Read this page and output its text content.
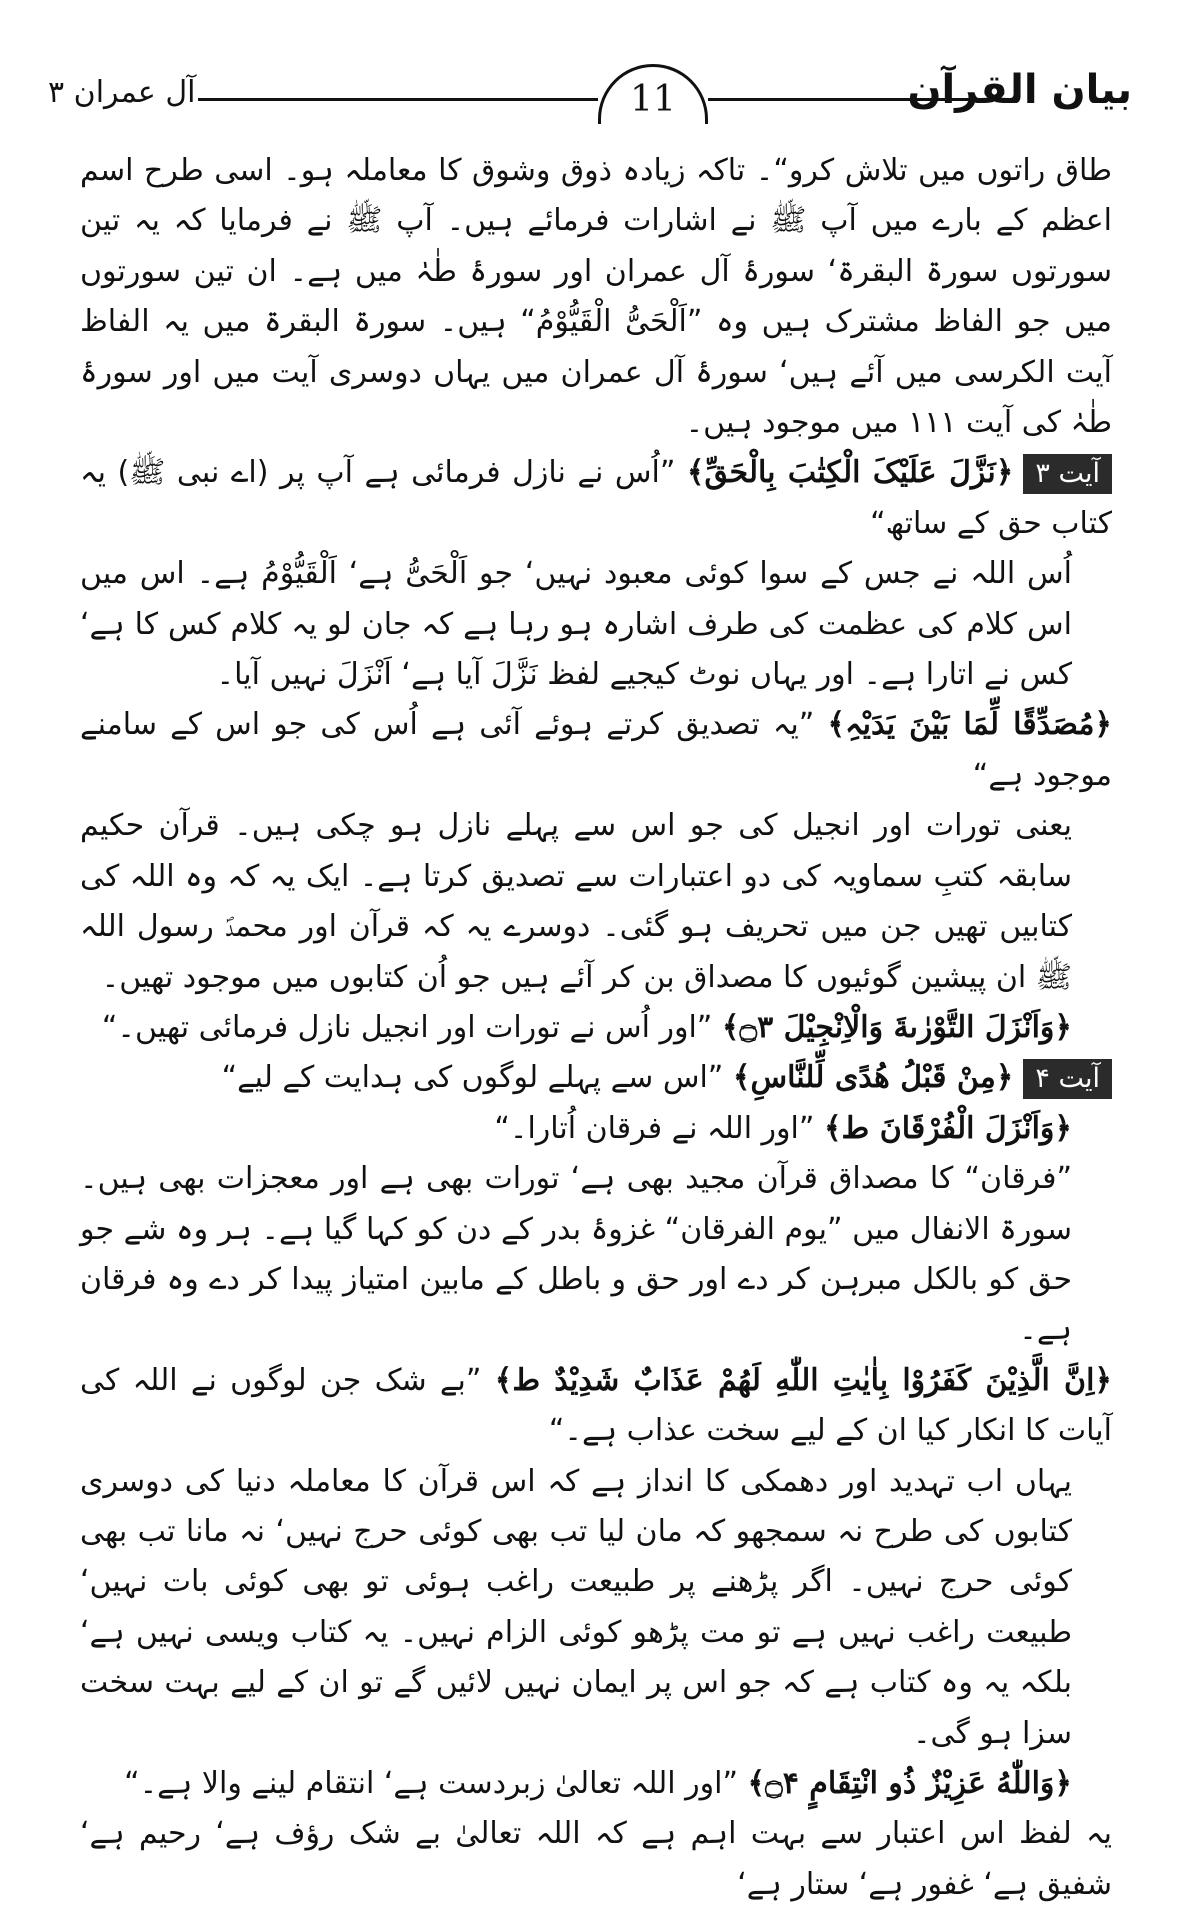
بیان القرآن
11
آل عمران ۳

طاق راتوں میں تلاش کرو“۔ تاکہ زیادہ ذوق وشوق کا معاملہ ہو۔ اسی طرح اسم اعظم کے بارے میں آپ ﷺ نے اشارات فرمائے ہیں۔ آپ ﷺ نے فرمایا کہ یہ تین سورتوں سورۃ البقرۃ‘ سورۂ آل عمران اور سورۂ طٰہٰ میں ہے۔ ان تین سورتوں میں جو الفاظ مشترک ہیں وہ ”اَلْحَیُّ الْقَیُّوْمُ“ ہیں۔ سورۃ البقرۃ میں یہ الفاظ آیت الکرسی میں آئے ہیں‘ سورۂ آل عمران میں یہاں دوسری آیت میں اور سورۂ طٰہٰ کی آیت ۱۱۱ میں موجود ہیں۔

آیت ۳﴿نَزَّلَ عَلَیْکَ الْکِتٰبَ بِالْحَقِّ﴾ ”اُس نے نازل فرمائی ہے آپ پر (اے نبی ﷺ) یہ کتاب حق کے ساتھ“

اُس اللہ نے جس کے سوا کوئی معبود نہیں‘ جو اَلْحَیُّ ہے‘ اَلْقَیُّوْمُ ہے۔ اس میں اس کلام کی عظمت کی طرف اشارہ ہو رہا ہے کہ جان لو یہ کلام کس کا ہے‘ کس نے اتارا ہے۔ اور یہاں نوٹ کیجیے لفظ نَزَّلَ آیا ہے‘ اَنْزَلَ نہیں آیا۔

﴿مُصَدِّقًا لِّمَا بَیْنَ یَدَیْہِ﴾ ”یہ تصدیق کرتے ہوئے آئی ہے اُس کی جو اس کے سامنے موجود ہے“

یعنی تورات اور انجیل کی جو اس سے پہلے نازل ہو چکی ہیں۔ قرآن حکیم سابقہ کتبِ سماویہ کی دو اعتبارات سے تصدیق کرتا ہے۔ ایک یہ کہ وہ اللہ کی کتابیں تھیں جن میں تحریف ہو گئی۔ دوسرے یہ کہ قرآن اور محمدؐ رسول اللہ ﷺ ان پیشین گوئیوں کا مصداق بن کر آئے ہیں جو اُن کتابوں میں موجود تھیں۔

﴿وَاَنْزَلَ التَّوْرٰىةَ وَالْاِنْجِیْلَ ۝۳﴾ ”اور اُس نے تورات اور انجیل نازل فرمائی تھیں۔“

آیت ۴﴿مِنْ قَبْلُ هُدًی لِّلنَّاسِ﴾ ”اس سے پہلے لوگوں کی ہدایت کے لیے“

﴿وَاَنْزَلَ الْفُرْقَانَ ط﴾ ”اور اللہ نے فرقان اُتارا۔“

”فرقان“ کا مصداق قرآن مجید بھی ہے‘ تورات بھی ہے اور معجزات بھی ہیں۔ سورۃ الانفال میں ”یوم الفرقان“ غزوۂ بدر کے دن کو کہا گیا ہے۔ ہر وہ شے جو حق کو بالکل مبرہن کر دے اور حق و باطل کے مابین امتیاز پیدا کر دے وہ فرقان ہے۔

﴿اِنَّ الَّذِیْنَ كَفَرُوْا بِاٰیٰتِ اللّٰهِ لَهُمْ عَذَابٌ شَدِیْدٌ ط﴾ ”بے شک جن لوگوں نے اللہ کی آیات کا انکار کیا ان کے لیے سخت عذاب ہے۔“

یہاں اب تہدید اور دھمکی کا انداز ہے کہ اس قرآن کا معاملہ دنیا کی دوسری کتابوں کی طرح نہ سمجھو کہ مان لیا تب بھی کوئی حرج نہیں‘ نہ مانا تب بھی کوئی حرج نہیں۔ اگر پڑھنے پر طبیعت راغب ہوئی تو بھی کوئی بات نہیں‘ طبیعت راغب نہیں ہے تو مت پڑھو کوئی الزام نہیں۔ یہ کتاب ویسی نہیں ہے‘ بلکہ یہ وہ کتاب ہے کہ جو اس پر ایمان نہیں لائیں گے تو ان کے لیے بہت سخت سزا ہو گی۔

﴿وَاللّٰهُ عَزِیْزٌ ذُو انْتِقَامٍ ۝۴﴾ ”اور اللہ تعالیٰ زبردست ہے‘ انتقام لینے والا ہے۔“

یہ لفظ اس اعتبار سے بہت اہم ہے کہ اللہ تعالیٰ بے شک رؤف ہے‘ رحیم ہے‘ شفیق ہے‘ غفور ہے‘ ستار ہے‘
